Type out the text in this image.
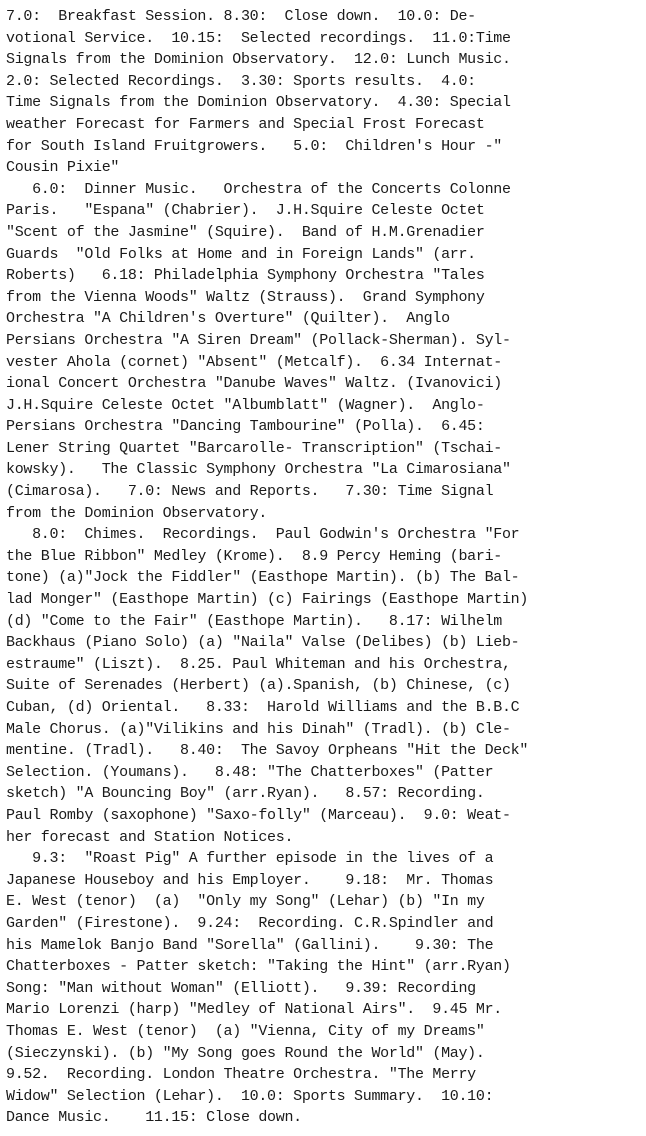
7.0:  Breakfast Session. 8.30:  Close down.  10.0: De-
votional Service.  10.15:  Selected recordings.  11.0:Time
Signals from the Dominion Observatory.  12.0: Lunch Music.
2.0: Selected Recordings.  3.30: Sports results.  4.0:
Time Signals from the Dominion Observatory.  4.30: Special
weather Forecast for Farmers and Special Frost Forecast
for South Island Fruitgrowers.   5.0:  Children's Hour -"
Cousin Pixie"
6.0:  Dinner Music.   Orchestra of the Concerts Colonne
Paris.   "Espana" (Chabrier).  J.H.Squire Celeste Octet
"Scent of the Jasmine" (Squire).  Band of H.M.Grenadier
Guards  "Old Folks at Home and in Foreign Lands" (arr.
Roberts)   6.18: Philadelphia Symphony Orchestra "Tales
from the Vienna Woods" Waltz (Strauss).  Grand Symphony
Orchestra "A Children's Overture" (Quilter).  Anglo
Persians Orchestra "A Siren Dream" (Pollack-Sherman). Syl-
vester Ahola (cornet) "Absent" (Metcalf).  6.34 Internat-
ional Concert Orchestra "Danube Waves" Waltz. (Ivanovici)
J.H.Squire Celeste Octet "Albumblatt" (Wagner).  Anglo-
Persians Orchestra "Dancing Tambourine" (Polla).  6.45:
Lener String Quartet "Barcarolle- Transcription" (Tschai-
kowsky).   The Classic Symphony Orchestra "La Cimarosiana"
(Cimarosa).   7.0: News and Reports.   7.30: Time Signal
from the Dominion Observatory.
8.0:  Chimes.  Recordings.  Paul Godwin's Orchestra "For
the Blue Ribbon" Medley (Krome).  8.9 Percy Heming (bari-
tone) (a)"Jock the Fiddler" (Easthope Martin). (b) The Bal-
lad Monger" (Easthope Martin) (c) Fairings (Easthope Martin)
(d) "Come to the Fair" (Easthope Martin).   8.17: Wilhelm
Backhaus (Piano Solo) (a) "Naila" Valse (Delibes) (b) Lieb-
estraume" (Liszt).  8.25. Paul Whiteman and his Orchestra,
Suite of Serenades (Herbert) (a).Spanish, (b) Chinese, (c)
Cuban, (d) Oriental.   8.33:  Harold Williams and the B.B.C
Male Chorus. (a)"Vilikins and his Dinah" (Tradl). (b) Cle-
mentine. (Tradl).   8.40:  The Savoy Orpheans "Hit the Deck"
Selection. (Youmans).   8.48: "The Chatterboxes" (Patter
sketch) "A Bouncing Boy" (arr.Ryan).   8.57: Recording.
Paul Romby (saxophone) "Saxo-folly" (Marceau).  9.0: Weat-
her forecast and Station Notices.
9.3:  "Roast Pig" A further episode in the lives of a
Japanese Houseboy and his Employer.    9.18:  Mr. Thomas
E. West (tenor)  (a)  "Only my Song" (Lehar) (b) "In my
Garden" (Firestone).  9.24:  Recording. C.R.Spindler and
his Mamelok Banjo Band "Sorella" (Gallini).    9.30: The
Chatterboxes - Patter sketch: "Taking the Hint" (arr.Ryan)
Song: "Man without Woman" (Elliott).   9.39: Recording
Mario Lorenzi (harp) "Medley of National Airs".  9.45 Mr.
Thomas E. West (tenor)  (a) "Vienna, City of my Dreams"
(Sieczynski). (b) "My Song goes Round the World" (May).
9.52.  Recording. London Theatre Orchestra. "The Merry
Widow" Selection (Lehar).  10.0: Sports Summary.  10.10:
Dance Music.    11.15: Close down.
